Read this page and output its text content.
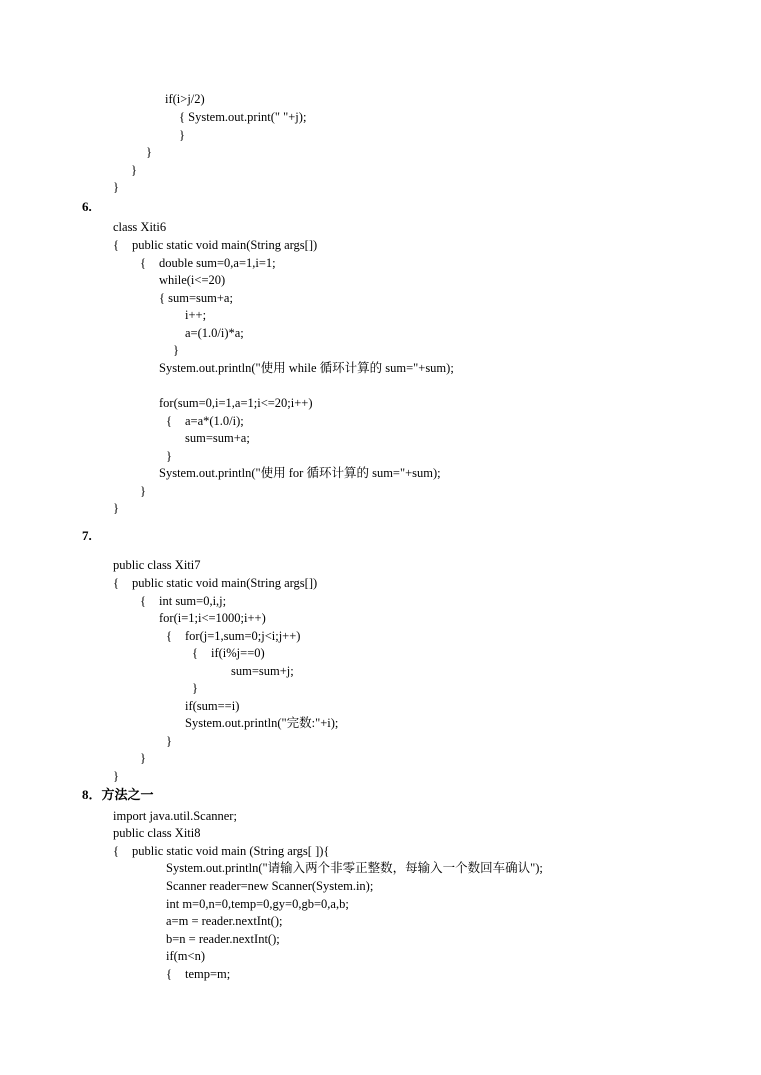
if(i>j/2)
{ System.out.print(" "+j);
}
}
}
}
6.
class Xiti6
{ public static void main(String args[])
{ double sum=0,a=1,i=1;
while(i<=20)
{ sum=sum+a;
i++;
a=(1.0/i)*a;
}
System.out.println("使用 while 循环计算的 sum="+sum);
for(sum=0,i=1,a=1;i<=20;i++)
{ a=a*(1.0/i);
sum=sum+a;
}
System.out.println("使用 for 循环计算的 sum="+sum);
}
}
7.
public class Xiti7
{ public static void main(String args[])
{ int sum=0,i,j;
for(i=1;i<=1000;i++)
{ for(j=1,sum=0;j<i;j++)
{ if(i%j==0)
sum=sum+j;
}
if(sum==i)
System.out.println("完数:"+i);
}
}
}
8．方法之一
import java.util.Scanner;
public class Xiti8
{ public static void main (String args[ ]){
System.out.println("请输入两个非零正整数，每输入一个数回车确认");
Scanner reader=new Scanner(System.in);
int m=0,n=0,temp=0,gy=0,gb=0,a,b;
a=m = reader.nextInt();
b=n = reader.nextInt();
if(m<n)
{ temp=m;
